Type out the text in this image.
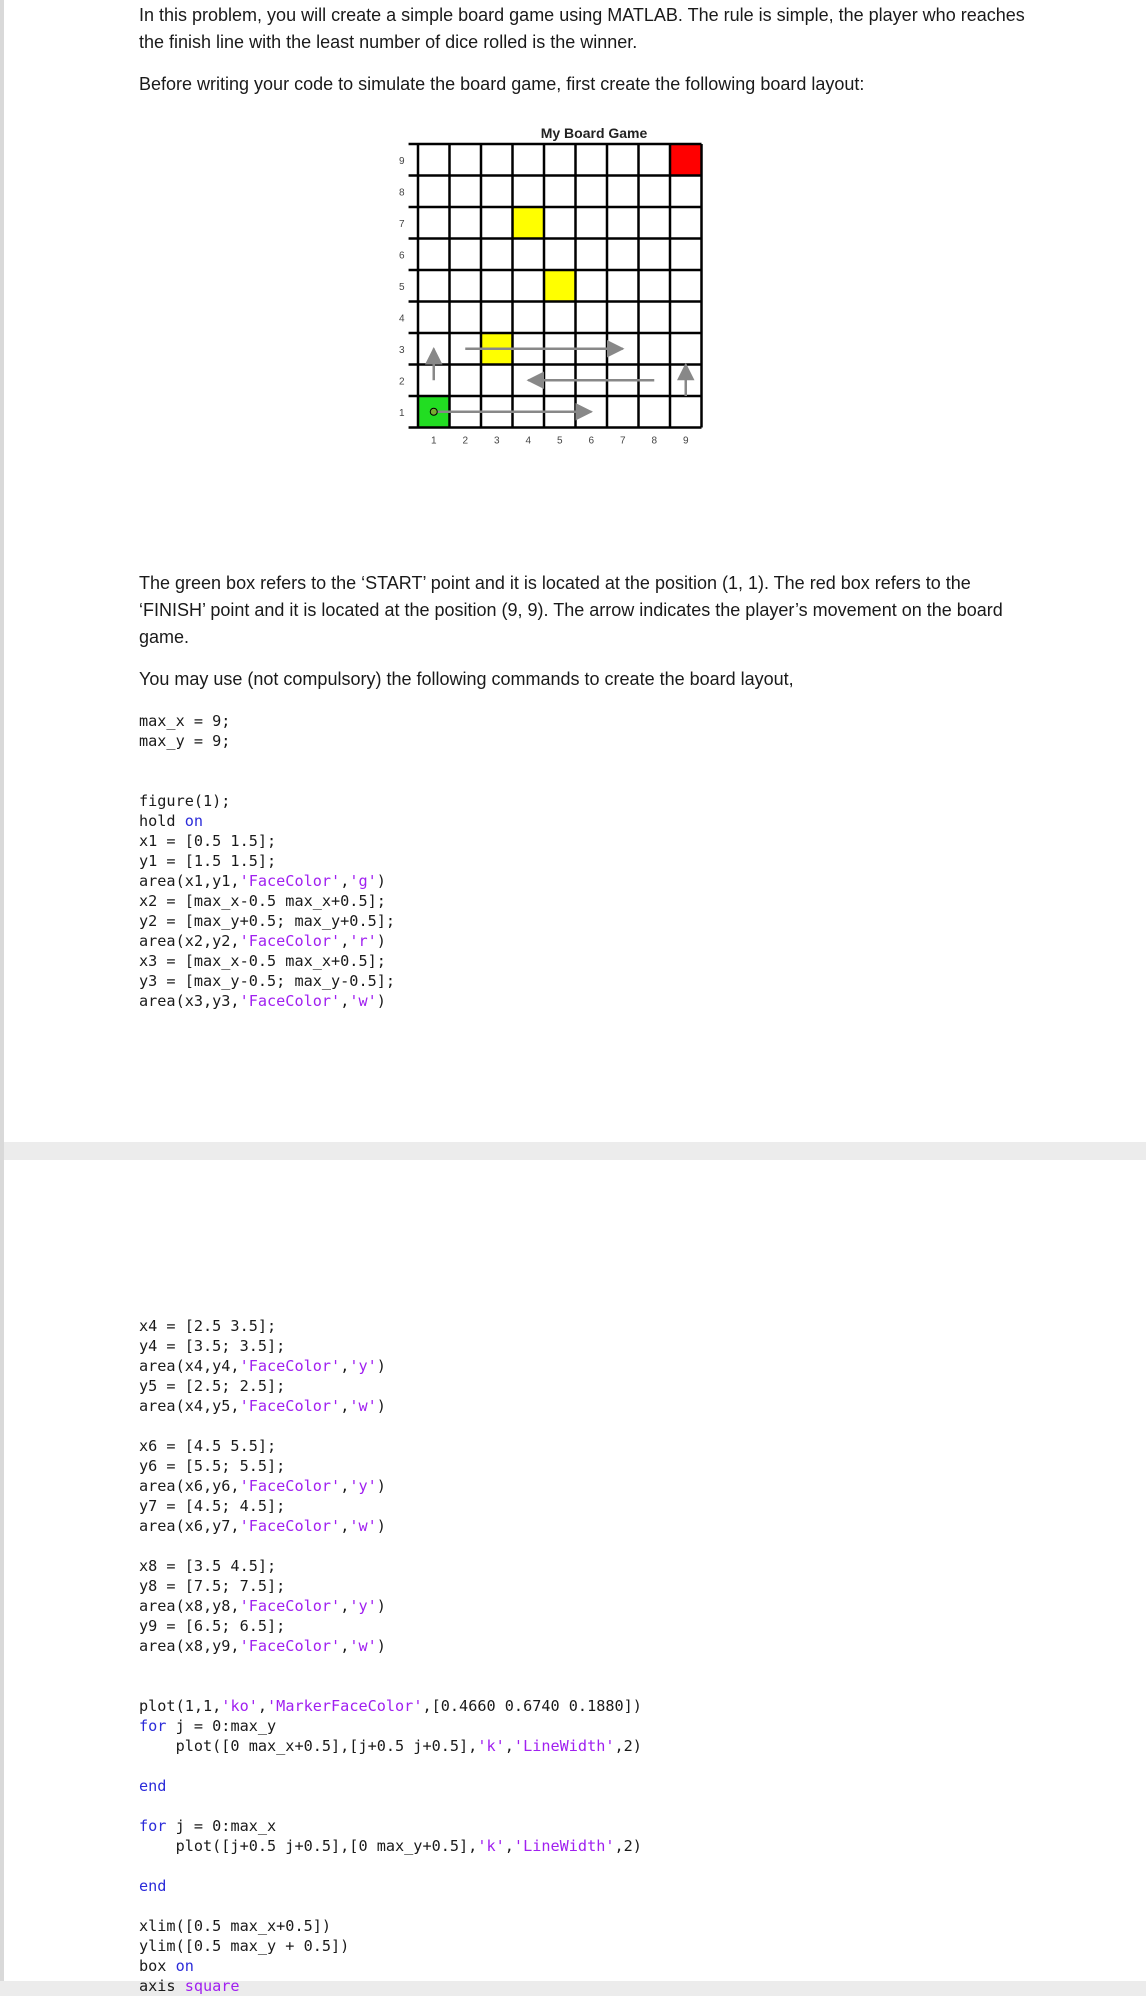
In this problem, you will create a simple board game using MATLAB. The rule is simple, the player who reaches the finish line with the least number of dice rolled is the winner.

Before writing your code to simulate the board game, first create the following board layout:

My Board Game
1	2	3	4	5	6	7	8	9
1
2
3
4
5
6
7
8
9

The green box refers to the ‘START’ point and it is located at the position (1, 1). The red box refers to the ‘FINISH’ point and it is located at the position (9, 9). The arrow indicates the player’s movement on the board game.

You may use (not compulsory) the following commands to create the board layout,

max_x = 9;
max_y = 9;
figure(1);
hold on
x1 = [0.5 1.5];
y1 = [1.5 1.5];
area(x1,y1,'FaceColor','g')
x2 = [max_x-0.5 max_x+0.5];
y2 = [max_y+0.5; max_y+0.5];
area(x2,y2,'FaceColor','r')
x3 = [max_x-0.5 max_x+0.5];
y3 = [max_y-0.5; max_y-0.5];
area(x3,y3,'FaceColor','w')
x4 = [2.5 3.5];
y4 = [3.5; 3.5];
area(x4,y4,'FaceColor','y')
y5 = [2.5; 2.5];
area(x4,y5,'FaceColor','w')
x6 = [4.5 5.5];
y6 = [5.5; 5.5];
area(x6,y6,'FaceColor','y')
y7 = [4.5; 4.5];
area(x6,y7,'FaceColor','w')
x8 = [3.5 4.5];
y8 = [7.5; 7.5];
area(x8,y8,'FaceColor','y')
y9 = [6.5; 6.5];
area(x8,y9,'FaceColor','w')
plot(1,1,'ko','MarkerFaceColor',[0.4660 0.6740 0.1880])
for j = 0:max_y
plot([0 max_x+0.5],[j+0.5 j+0.5],'k','LineWidth',2)
end
for j = 0:max_x
plot([j+0.5 j+0.5],[0 max_y+0.5],'k','LineWidth',2)
end
xlim([0.5 max_x+0.5])
ylim([0.5 max_y + 0.5])
box on
axis square
